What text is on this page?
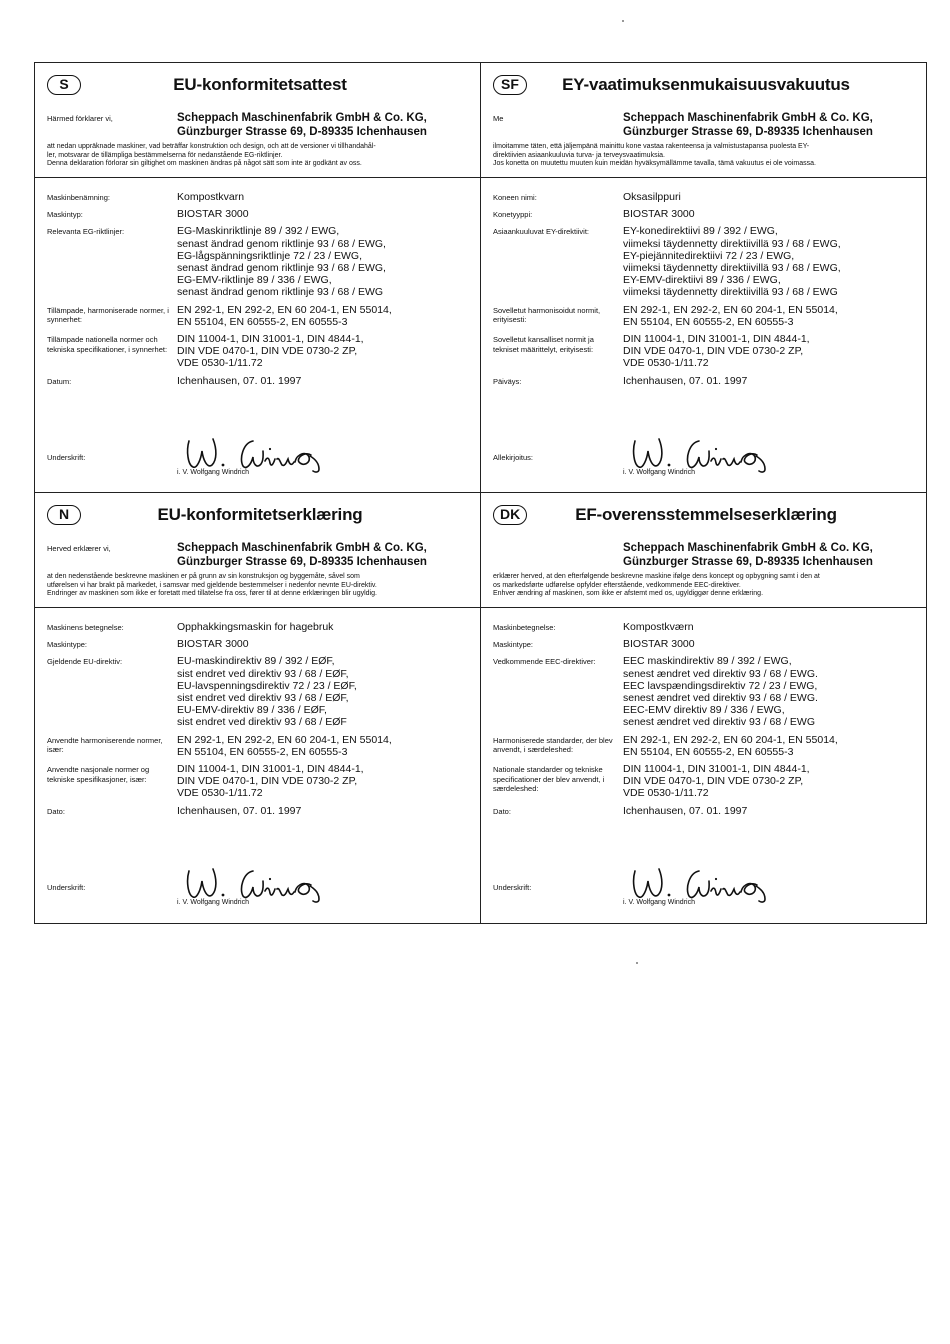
S	EU-konformitetsattest
Härmed förklarer vi,	Scheppach Maschinenfabrik GmbH & Co. KG,
Günzburger Strasse 69, D-89335 Ichenhausen
att nedan uppräknade maskiner, vad beträffar konstruktion och design, och att de versioner vi tillhandahål-
ler, motsvarar de tillämpliga bestämmelserna för nedanstående EG-riktlinjer.
Denna deklaration förlorar sin giltighet om maskinen ändras på något sätt som inte är godkänt av oss.
Maskinbenämning:	Kompostkvarn
Maskintyp:	BIOSTAR 3000
Relevanta EG-riktlinjer:	EG-Maskinriktlinje 89 / 392 / EWG,
senast ändrad genom riktlinje 93 / 68 / EWG,
EG-lågspänningsriktlinje 72 / 23 / EWG,
senast ändrad genom riktlinje 93 / 68 / EWG,
EG-EMV-riktlinje 89 / 336 / EWG,
senast ändrad genom riktlinje 93 / 68 / EWG
Tillämpade, harmoniserade normer, i synnerhet:
EN 292-1, EN 292-2, EN 60 204-1, EN 55014,
EN 55104, EN 60555-2, EN 60555-3
Tillämpade nationella normer och tekniska specifikationer, i synnerhet:
DIN 11004-1, DIN 31001-1, DIN 4844-1,
DIN VDE 0470-1, DIN VDE 0730-2 ZP,
VDE 0530-1/11.72
Datum:	Ichenhausen, 07. 01. 1997
Underskrift:
i. V. Wolfgang Windrich
SF	EY-vaatimuksenmukaisuusvakuutus
Me	Scheppach Maschinenfabrik GmbH & Co. KG,
Günzburger Strasse 69, D-89335 Ichenhausen
ilmoitamme täten, että jäljempänä mainittu kone vastaa rakenteensa ja valmistustapansa puolesta EY-
direktiivien asiaankuuluvia turva- ja terveysvaatimuksia.
Jos konetta on muutettu muuten kuin meidän hyväksymällämme tavalla, tämä vakuutus ei ole voimassa.
Koneen nimi:	Oksasilppuri
Konetyyppi:	BIOSTAR 3000
Asiaankuuluvat EY-direktiivit:	EY-konedirektiivi 89 / 392 / EWG,
viimeksi täydennetty direktiivillä 93 / 68 / EWG,
EY-piejännitedirektiivi 72 / 23 / EWG,
viimeksi täydennetty direktiivillä 93 / 68 / EWG,
EY-EMV-direktiivi 89 / 336 / EWG,
viimeksi täydennetty direktiivillä 93 / 68 / EWG
Sovelletut harmonisoidut normit, erityisesti:
EN 292-1, EN 292-2, EN 60 204-1, EN 55014,
EN 55104, EN 60555-2, EN 60555-3
Sovelletut kansalliset normit ja tekniset määrittelyt, erityisesti:
DIN 11004-1, DIN 31001-1, DIN 4844-1,
DIN VDE 0470-1, DIN VDE 0730-2 ZP,
VDE 0530-1/11.72
Päiväys:	Ichenhausen, 07. 01. 1997
Allekirjoitus:
i. V. Wolfgang Windrich
N	EU-konformitetserklæring
Herved erklærer vi,	Scheppach Maschinenfabrik GmbH & Co. KG,
Günzburger Strasse 69, D-89335 Ichenhausen
at den nedenstående beskrevne maskinen er på grunn av sin konstruksjon og byggemåte, såvel som
utførelsen vi har brakt på markedet, i samsvar med gjeldende bestemmelser i nedenfor nevnte EU-direktiv.
Endringer av maskinen som ikke er foretatt med tillatelse fra oss, fører til at denne erklæringen blir ugyldig.
Maskinens betegnelse:	Opphakkingsmaskin for hagebruk
Maskintype:	BIOSTAR 3000
Gjeldende EU-direktiv:	EU-maskindirektiv 89 / 392 / EØF,
sist endret ved direktiv 93 / 68 / EØF,
EU-lavspenningsdirektiv 72 / 23 / EØF,
sist endret ved direktiv 93 / 68 / EØF,
EU-EMV-direktiv 89 / 336 / EØF,
sist endret ved direktiv 93 / 68 / EØF
Anvendte harmoniserende normer, især:
EN 292-1, EN 292-2, EN 60 204-1, EN 55014,
EN 55104, EN 60555-2, EN 60555-3
Anvendte nasjonale normer og tekniske spesifikasjoner, især:
DIN 11004-1, DIN 31001-1, DIN 4844-1,
DIN VDE 0470-1, DIN VDE 0730-2 ZP,
VDE 0530-1/11.72
Dato:	Ichenhausen, 07. 01. 1997
Underskrift:
i. V. Wolfgang Windrich
DK	EF-overensstemmelseserklæring
Scheppach Maschinenfabrik GmbH & Co. KG,
Günzburger Strasse 69, D-89335 Ichenhausen
erklærer herved, at den efterfølgende beskrevne maskine ifølge dens koncept og opbygning samt i den at
os markedsførte udførelse opfylder efterstående, vedkommende EEC-direktiver.
Enhver ændring af maskinen, som ikke er afstemt med os, ugyldiggør denne erklæring.
Maskinbetegnelse:	Kompostkværn
Maskintype:	BIOSTAR 3000
Vedkommende EEC-direktiver:	EEC maskindirektiv 89 / 392 / EWG,
senest ændret ved direktiv 93 / 68 / EWG.
EEC lavspændingsdirektiv 72 / 23 / EWG,
senest ændret ved direktiv 93 / 68 / EWG.
EEC-EMV direktiv 89 / 336 / EWG,
senest ændret ved direktiv 93 / 68 / EWG
Harmoniserede standarder, der blev anvendt, i særdeleshed:
EN 292-1, EN 292-2, EN 60 204-1, EN 55014,
EN 55104, EN 60555-2, EN 60555-3
Nationale standarder og tekniske specificationer der blev anvendt, i særdeleshed:
DIN 11004-1, DIN 31001-1, DIN 4844-1,
DIN VDE 0470-1, DIN VDE 0730-2 ZP,
VDE 0530-1/11.72
Dato:	Ichenhausen, 07. 01. 1997
Underskrift:
i. V. Wolfgang Windrich
